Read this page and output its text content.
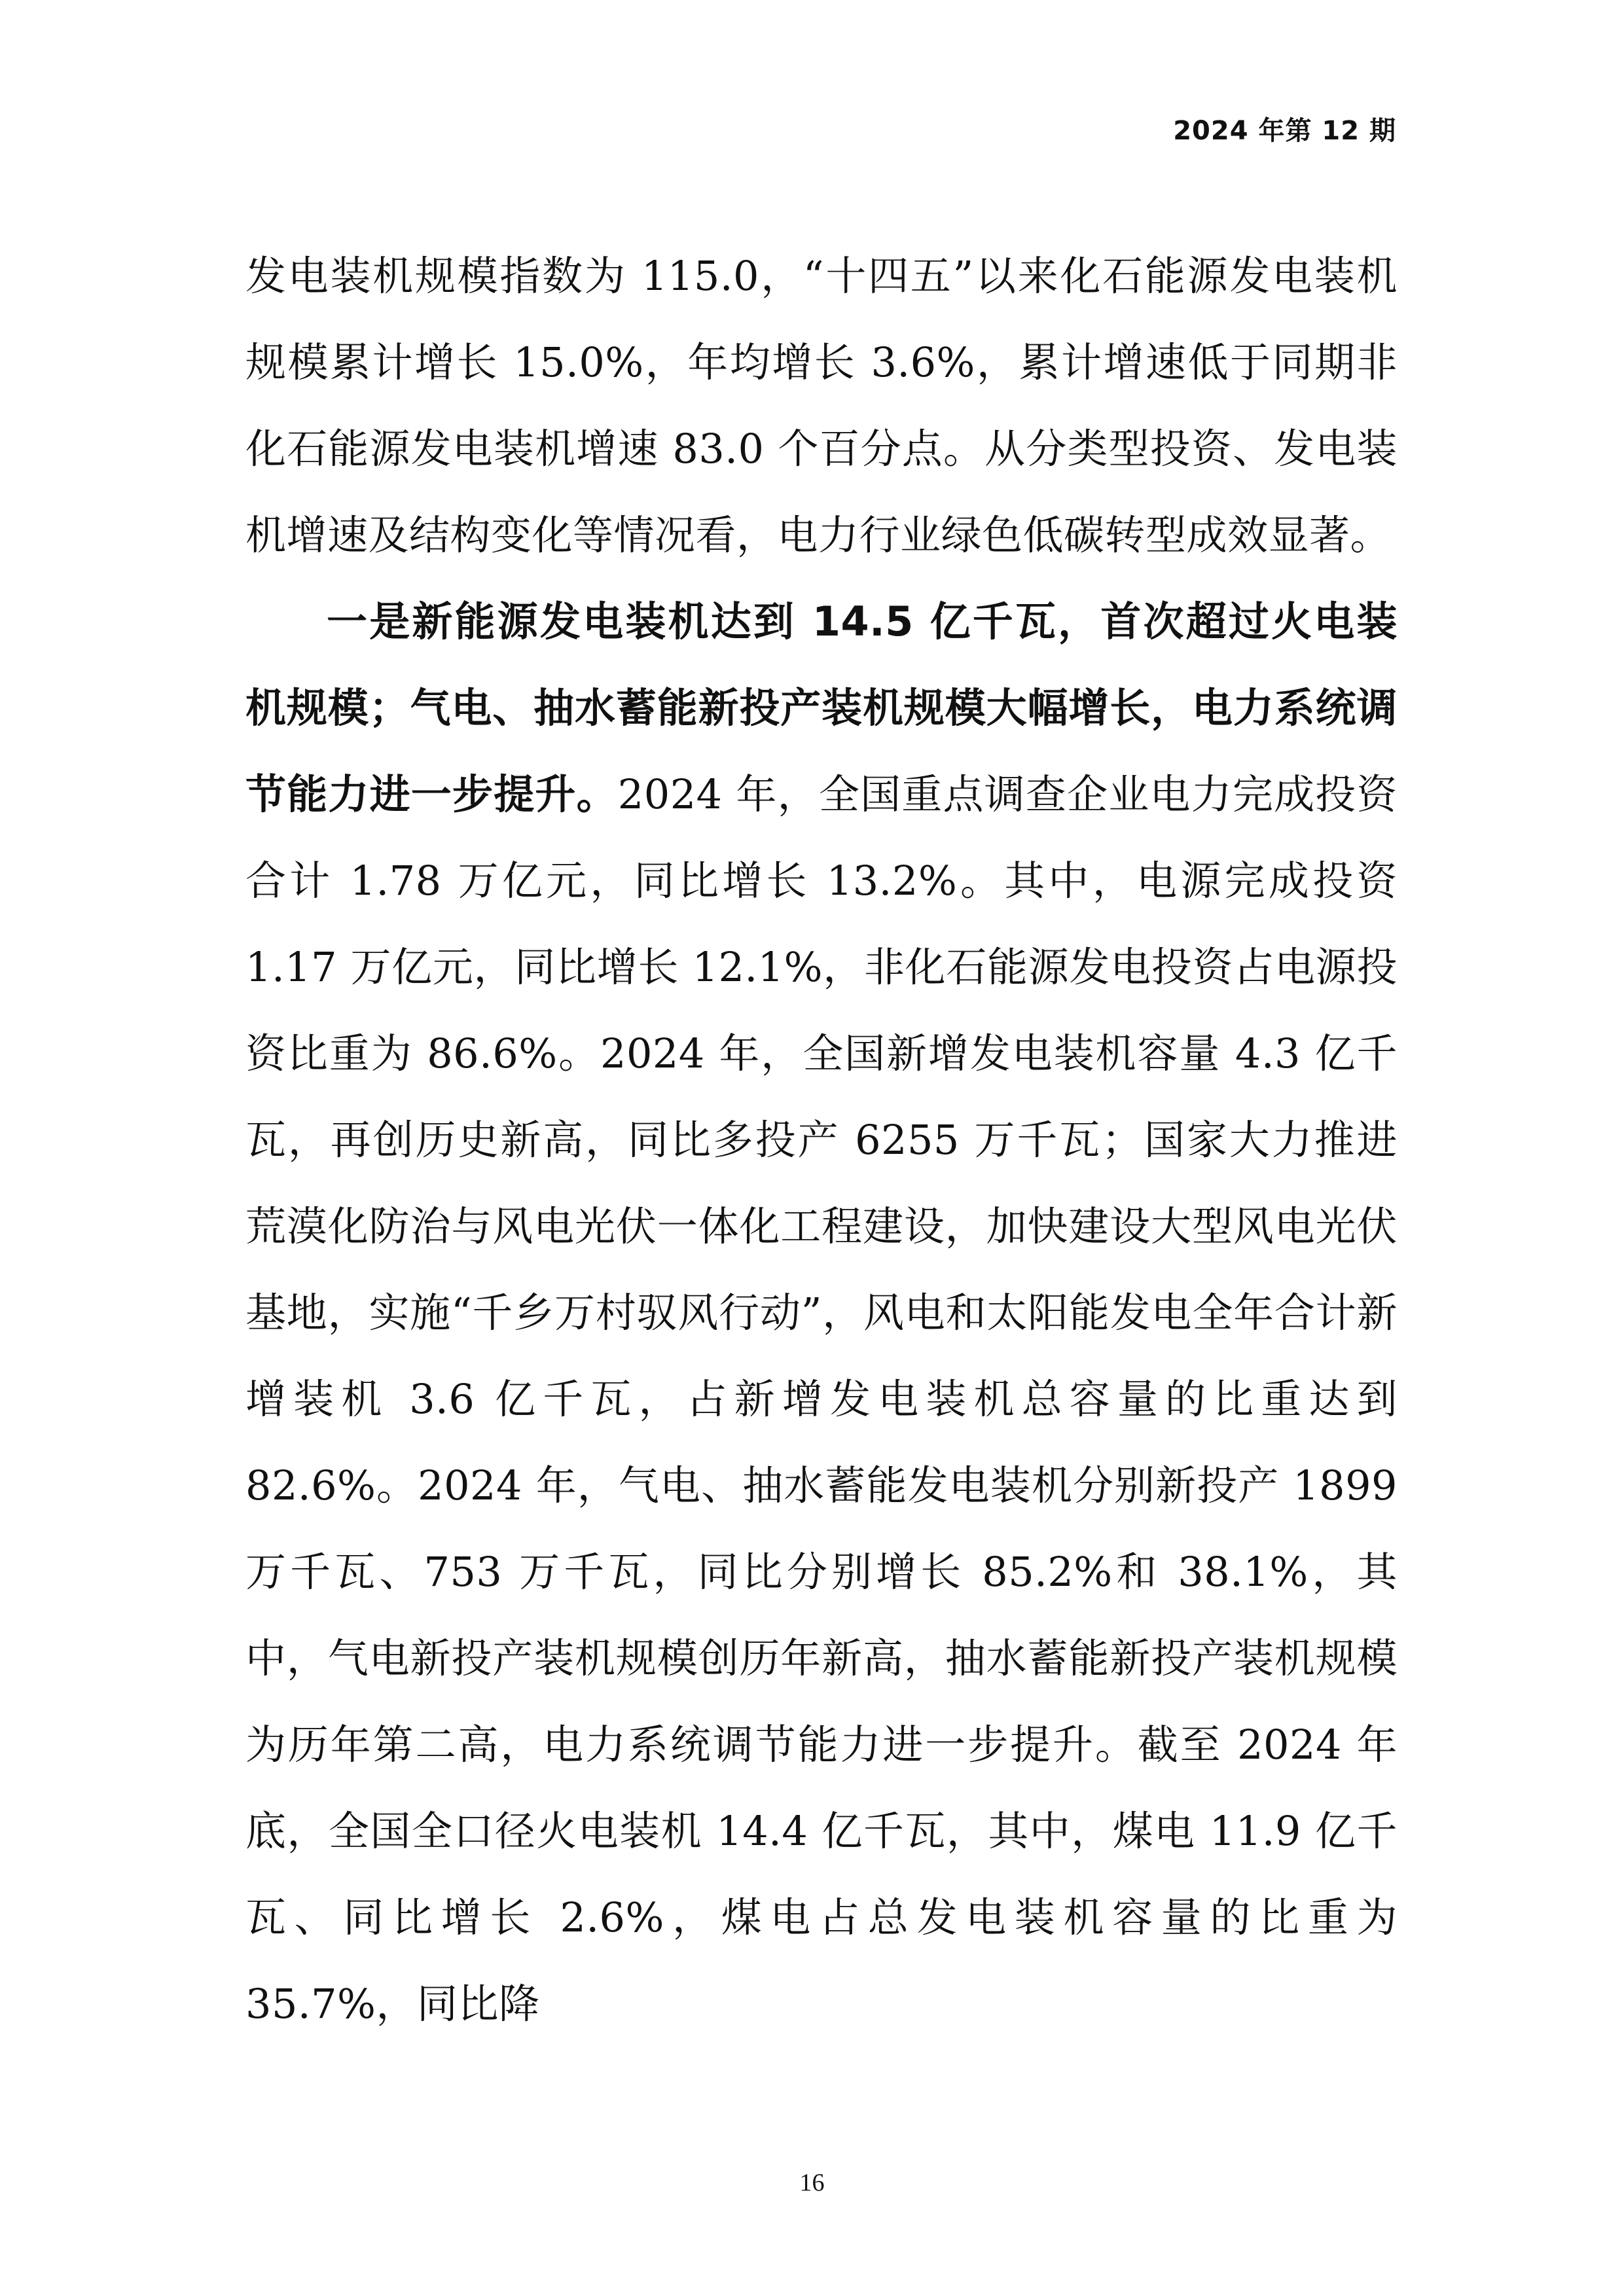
2024 年第 12 期

发电装机规模指数为 115.0，“十四五”以来化石能源发电装机规模累计增长 15.0%，年均增长 3.6%，累计增速低于同期非化石能源发电装机增速 83.0 个百分点。从分类型投资、发电装机增速及结构变化等情况看，电力行业绿色低碳转型成效显著。

一是新能源发电装机达到 14.5 亿千瓦，首次超过火电装机规模；气电、抽水蓄能新投产装机规模大幅增长，电力系统调节能力进一步提升。2024 年，全国重点调查企业电力完成投资合计 1.78 万亿元，同比增长 13.2%。其中，电源完成投资 1.17 万亿元，同比增长 12.1%，非化石能源发电投资占电源投资比重为 86.6%。2024 年，全国新增发电装机容量 4.3 亿千瓦，再创历史新高，同比多投产 6255 万千瓦；国家大力推进荒漠化防治与风电光伏一体化工程建设，加快建设大型风电光伏基地，实施“千乡万村驭风行动”，风电和太阳能发电全年合计新增装机 3.6 亿千瓦，占新增发电装机总容量的比重达到 82.6%。2024 年，气电、抽水蓄能发电装机分别新投产 1899 万千瓦、753 万千瓦，同比分别增长 85.2%和 38.1%，其中，气电新投产装机规模创历年新高，抽水蓄能新投产装机规模为历年第二高，电力系统调节能力进一步提升。截至 2024 年底，全国全口径火电装机 14.4 亿千瓦，其中，煤电 11.9 亿千瓦、同比增长 2.6%，煤电占总发电装机容量的比重为 35.7%，同比降

16
